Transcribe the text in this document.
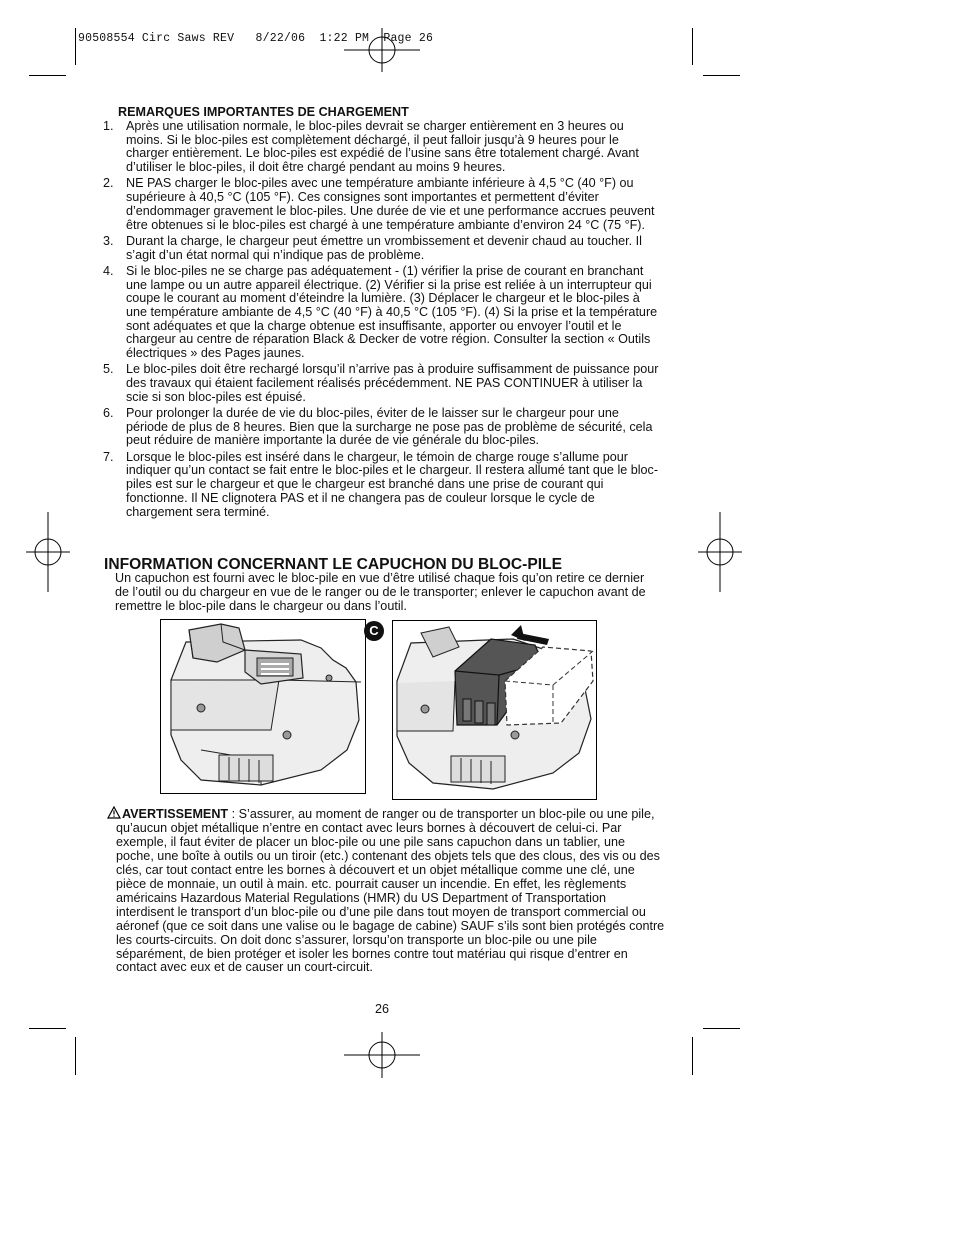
90508554 Circ Saws REV   8/22/06  1:22 PM  Page 26
REMARQUES IMPORTANTES DE CHARGEMENT
1. Après une utilisation normale, le bloc-piles devrait se charger entièrement en 3 heures ou moins. Si le bloc-piles est complètement déchargé, il peut falloir jusqu’à 9 heures pour le charger entièrement. Le bloc-piles est expédié de l’usine sans être totalement chargé. Avant d’utiliser le bloc-piles, il doit être chargé pendant au moins 9 heures.
2. NE PAS charger le bloc-piles avec une température ambiante inférieure à 4,5 °C (40 °F) ou supérieure à 40,5 °C (105 °F). Ces consignes sont importantes et permettent d’éviter d’endommager gravement le bloc-piles. Une durée de vie et une performance accrues peuvent être obtenues si le bloc-piles est chargé à une température ambiante d’environ 24 °C (75 °F).
3. Durant la charge, le chargeur peut émettre un vrombissement et devenir chaud au toucher. Il s’agit d’un état normal qui n’indique pas de problème.
4. Si le bloc-piles ne se charge pas adéquatement - (1) vérifier la prise de courant en branchant une lampe ou un autre appareil électrique. (2) Vérifier si la prise est reliée à un interrupteur qui coupe le courant au moment d’éteindre la lumière. (3) Déplacer le chargeur et le bloc-piles à une température ambiante de 4,5 °C (40 °F) à 40,5 °C (105 °F). (4) Si la prise et la température sont adéquates et que la charge obtenue est insuffisante, apporter ou envoyer l’outil et le chargeur au centre de réparation Black & Decker de votre région. Consulter la section « Outils électriques » des Pages jaunes.
5. Le bloc-piles doit être rechargé lorsqu’il n’arrive pas à produire suffisamment de puissance pour des travaux qui étaient facilement réalisés précédemment. NE PAS CONTINUER à utiliser la scie si son bloc-piles est épuisé.
6. Pour prolonger la durée de vie du bloc-piles, éviter de le laisser sur le chargeur pour une période de plus de 8 heures. Bien que la surcharge ne pose pas de problème de sécurité, cela peut réduire de manière importante la durée de vie générale du bloc-piles.
7. Lorsque le bloc-piles est inséré dans le chargeur, le témoin de charge rouge s’allume pour indiquer qu’un contact se fait entre le bloc-piles et le chargeur. Il restera allumé tant que le bloc-piles est sur le chargeur et que le chargeur est branché dans une prise de courant qui fonctionne. Il NE clignotera PAS et il ne changera pas de couleur lorsque le cycle de chargement sera terminé.
INFORMATION CONCERNANT LE CAPUCHON DU BLOC-PILE
Un capuchon est fourni avec le bloc-pile en vue d’être utilisé chaque fois qu’on retire ce dernier de l’outil ou du chargeur en vue de le ranger ou de le transporter; enlever le capuchon avant de remettre le bloc-pile dans le chargeur ou dans l’outil.
C
AVERTISSEMENT : S’assurer, au moment de ranger ou de transporter un bloc-pile ou une pile, qu’aucun objet métallique n’entre en contact avec leurs bornes à découvert de celui-ci. Par exemple, il faut éviter de placer un bloc-pile ou une pile sans capuchon dans un tablier, une poche, une boîte à outils ou un tiroir (etc.) contenant des objets tels que des clous, des vis ou des clés, car tout contact entre les bornes à découvert et un objet métallique comme une clé, une pièce de monnaie, un outil à main. etc. pourrait causer un incendie. En effet, les règlements américains Hazardous Material Regulations (HMR) du US Department of Transportation interdisent le transport d’un bloc-pile ou d’une pile dans tout moyen de transport commercial ou aéronef (que ce soit dans une valise ou le bagage de cabine) SAUF s’ils sont bien protégés contre les courts-circuits. On doit donc s’assurer, lorsqu’on transporte un bloc-pile ou une pile séparément, de bien protéger et isoler les bornes contre tout matériau qui risque d’entrer en contact avec eux et de causer un court-circuit.
26
